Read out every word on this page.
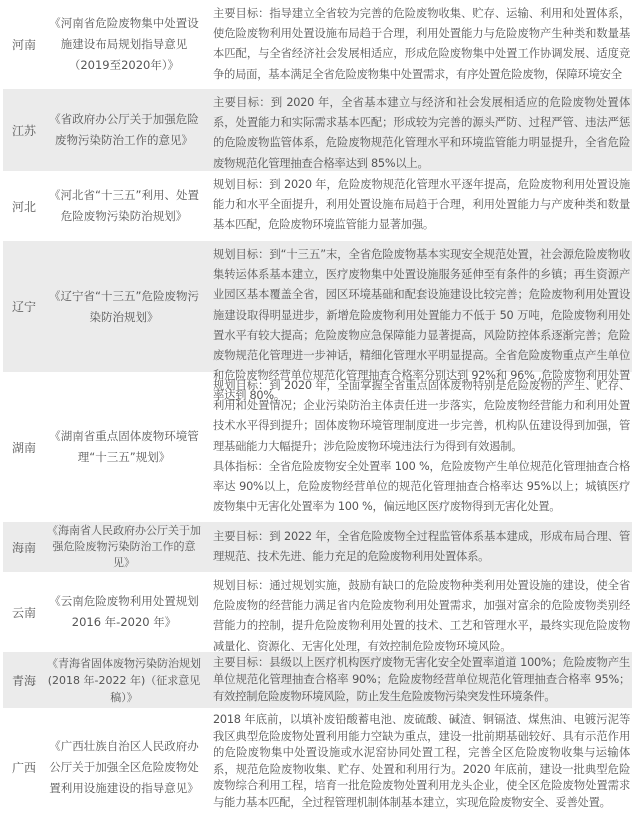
河南
《河南省危险废物集中处置设施建设布局规划指导意见（2019至2020年）》

主要目标：指导建立全省较为完善的危险废物收集、贮存、运输、利用和处置体系，使危险废物利用处置设施布局趋于合理，利用处置能力与危险废物产生种类和数量基本匹配，与全省经济社会发展相适应，形成危险废物集中处置工作协调发展、适度竞争的局面，基本满足全省危险废物集中处置需求，有序处置危险废物，保障环境安全

江苏
《省政府办公厅关于加强危险废物污染防治工作的意见》

主要目标：到 2020 年，全省基本建立与经济和社会发展相适应的危险废物处置体系，处置能力和实际需求基本匹配；形成较为完善的源头严防、过程严管、违法严惩的危险废物监管体系，危险废物规范化管理水平和环境监管能力明显提升，全省危险废物规范化管理抽查合格率达到 85%以上。

河北
《河北省“十三五”利用、处置危险废物污染防治规划》

规划目标：到 2020 年，危险废物规范化管理水平逐年提高，危险废物利用处置设施能力和水平全面提升，利用处置设施布局趋于合理，利用处置能力与产废种类和数量基本匹配，危险废物环境监管能力显著加强。

辽宁
《辽宁省“十三五”危险废物污染防治规划》

规划目标：到“十三五”末，全省危险废物基本实现安全规范处置，社会源危险废物收集转运体系基本建立，医疗废物集中处置设施服务延伸至有条件的乡镇；再生资源产业园区基本覆盖全省，园区环境基础和配套设施建设比较完善；危险废物利用处置设施建设取得明显进步，新增危险废物利用处置能力不低于 50 万吨，危险废物利用处置水平有较大提高；危险废物应急保障能力显著提高，风险防控体系逐渐完善；危险废物规范化管理进一步神话，精细化管理水平明显提高。全省危险废物重点产生单位和危险废物经营单位规范化管理抽查合格率分别达到 92%和 96% ,危险废物利用处置率达到 80%。

湖南
《湖南省重点固体废物环境管理“十三五”规划》

规划目标：到 2020 年，全面掌握全省重点固体废物特别是危险废物的产生、贮存、利用和处置情况；企业污染防治主体责任进一步落实，危险废物经营能力和利用处置技术水平得到提升；固体废物环境管理制度进一步完善，机构队伍建设得到加强，管理基础能力大幅提升；涉危险废物环境违法行为得到有效遏制。

具体指标：全省危险废物安全处置率 100 %，危险废物产生单位规范化管理抽查合格率达 90%以上，危险废物经营单位的规范化管理抽查合格率达 95%以上；城镇医疗废物集中无害化处置率为 100 %，偏远地区医疗废物得到无害化处置。

海南
《海南省人民政府办公厅关于加强危险废物污染防治工作的意见》

主要目标：到 2022 年，全省危险废物全过程监管体系基本建成，形成布局合理、管理规范、技术先进、能力充足的危险废物利用处置体系。

云南
《云南危险废物利用处置规划2016 年-2020 年》

规划目标：通过规划实施，鼓励有缺口的危险废物种类利用处置设施的建设，使全省危险废物的经营能力满足省内危险废物利用处置需求，加强对富余的危险废物类别经营能力的控制，提升危险废物利用处置的技术、工艺和管理水平，最终实现危险废物减量化、资源化、无害化处理，有效控制危险废物环境风险。

青海
《青海省固体废物污染防治规划(2018 年-2022 年)（征求意见稿）》

主要目标：县级以上医疗机构医疗废物无害化安全处置率道道 100%；危险废物产生单位规范化管理抽查合格率 90%；危险废物经营单位规范化管理抽查合格率 95%；有效控制危险废物环境风险，防止发生危险废物污染突发性环境条件。

广西
《广西壮族自治区人民政府办公厅关于加强全区危险废物处置利用设施建设的指导意见》

2018 年底前，以填补废铅酸蓄电池、废硫酸、碱渣、铜镉渣、煤焦油、电镀污泥等我区典型危险废物处置利用能力空缺为重点，建设一批前期基础较好、具有示范作用的危险废物集中处置设施或水泥窑协同处置工程，完善全区危险废物收集与运输体系，规范危险废物收集、贮存、处置和利用行为。2020 年底前，建设一批典型危险废物综合利用工程，培育一批危险废物处置利用龙头企业，使全区危险废物处置需求与能力基本匹配，全过程管理机制体制基本建立，实现危险废物安全、妥善处置。
